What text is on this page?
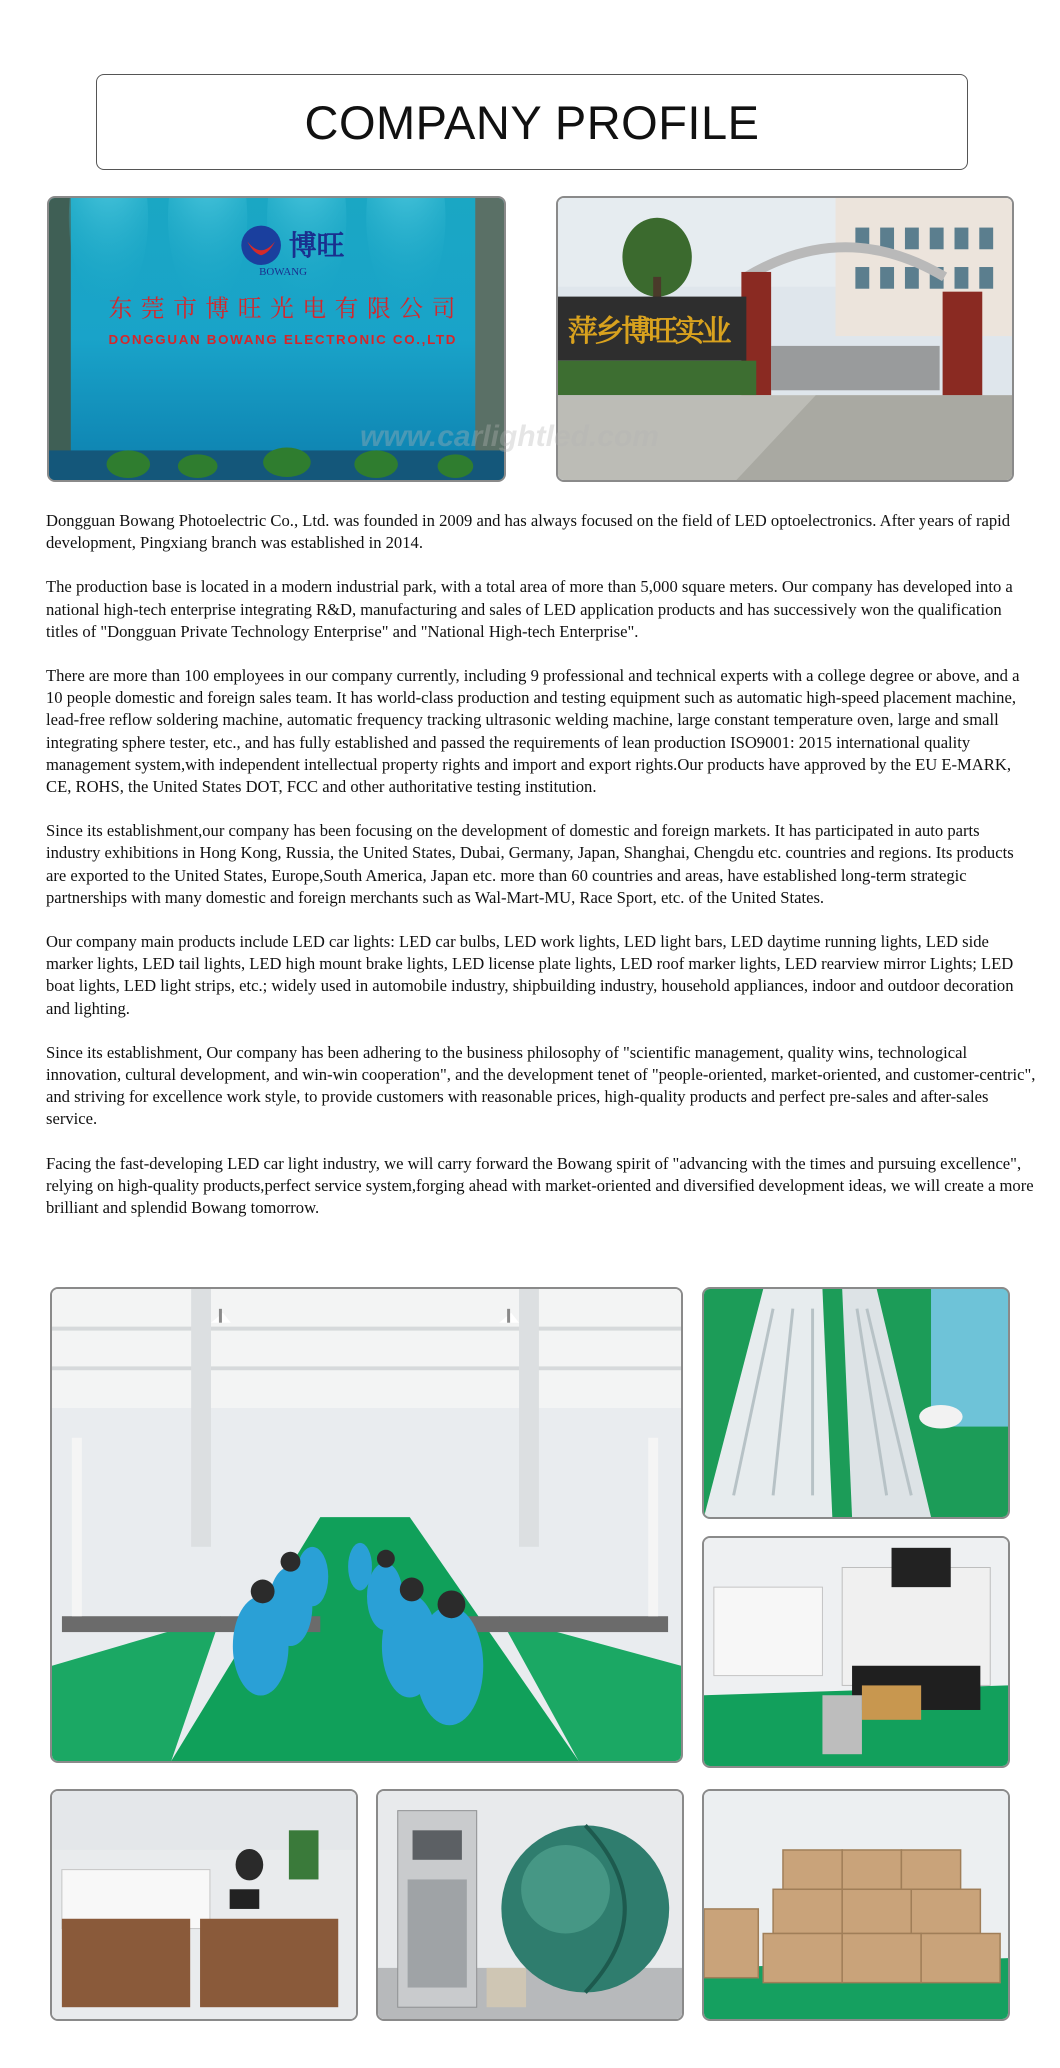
COMPANY PROFILE
博旺
BOWANG
东莞市博旺光电有限公司
DONGGUAN BOWANG ELECTRONIC CO.,LTD	萍乡博旺实业
www.carlightled.com

Dongguan Bowang Photoelectric Co., Ltd. was founded in 2009 and has always focused on the field of LED optoelectronics. After years of rapid development, Pingxiang branch was established in 2014.

The production base is located in a modern industrial park, with a total area of more than 5,000 square meters. Our company has developed into a national high-tech enterprise integrating R&D, manufacturing and sales of LED application products and has successively won the qualification titles of "Dongguan Private Technology Enterprise" and "National High-tech Enterprise".

There are more than 100 employees in our company currently, including 9 professional and technical experts with a college degree or above, and a 10 people domestic and foreign sales team. It has world-class production and testing equipment such as automatic high-speed placement machine, lead-free reflow soldering machine, automatic frequency tracking ultrasonic welding machine, large constant temperature oven, large and small integrating sphere tester, etc., and has fully established and passed the requirements of lean production ISO9001: 2015 international quality management system,with independent intellectual property rights and import and export rights.Our products have approved by the EU E-MARK, CE, ROHS, the United States DOT, FCC and other authoritative testing institution.

Since its establishment,our company has been focusing on the development of domestic and foreign markets. It has participated in auto parts industry exhibitions in Hong Kong, Russia, the United States, Dubai, Germany, Japan, Shanghai, Chengdu etc. countries and regions. Its products are exported to the United States, Europe,South America, Japan etc. more than 60 countries and areas, have established long-term strategic partnerships with many domestic and foreign merchants such as Wal-Mart-MU, Race Sport, etc. of the United States.

Our company main products include LED car lights: LED car bulbs, LED work lights, LED light bars, LED daytime running lights, LED side marker lights, LED tail lights, LED high mount brake lights, LED license plate lights, LED roof marker lights, LED rearview mirror Lights; LED boat lights, LED light strips, etc.; widely used in automobile industry, shipbuilding industry, household appliances, indoor and outdoor decoration and lighting.

Since its establishment, Our company has been adhering to the business philosophy of "scientific management, quality wins, technological innovation, cultural development, and win-win cooperation", and the development tenet of "people-oriented, market-oriented, and customer-centric", and striving for excellence work style, to provide customers with reasonable prices, high-quality products and perfect pre-sales and after-sales service.

Facing the fast-developing LED car light industry, we will carry forward the Bowang spirit of "advancing with the times and pursuing excellence", relying on high-quality products,perfect service system,forging ahead with market-oriented and diversified development ideas, we will create a more brilliant and splendid Bowang tomorrow.
